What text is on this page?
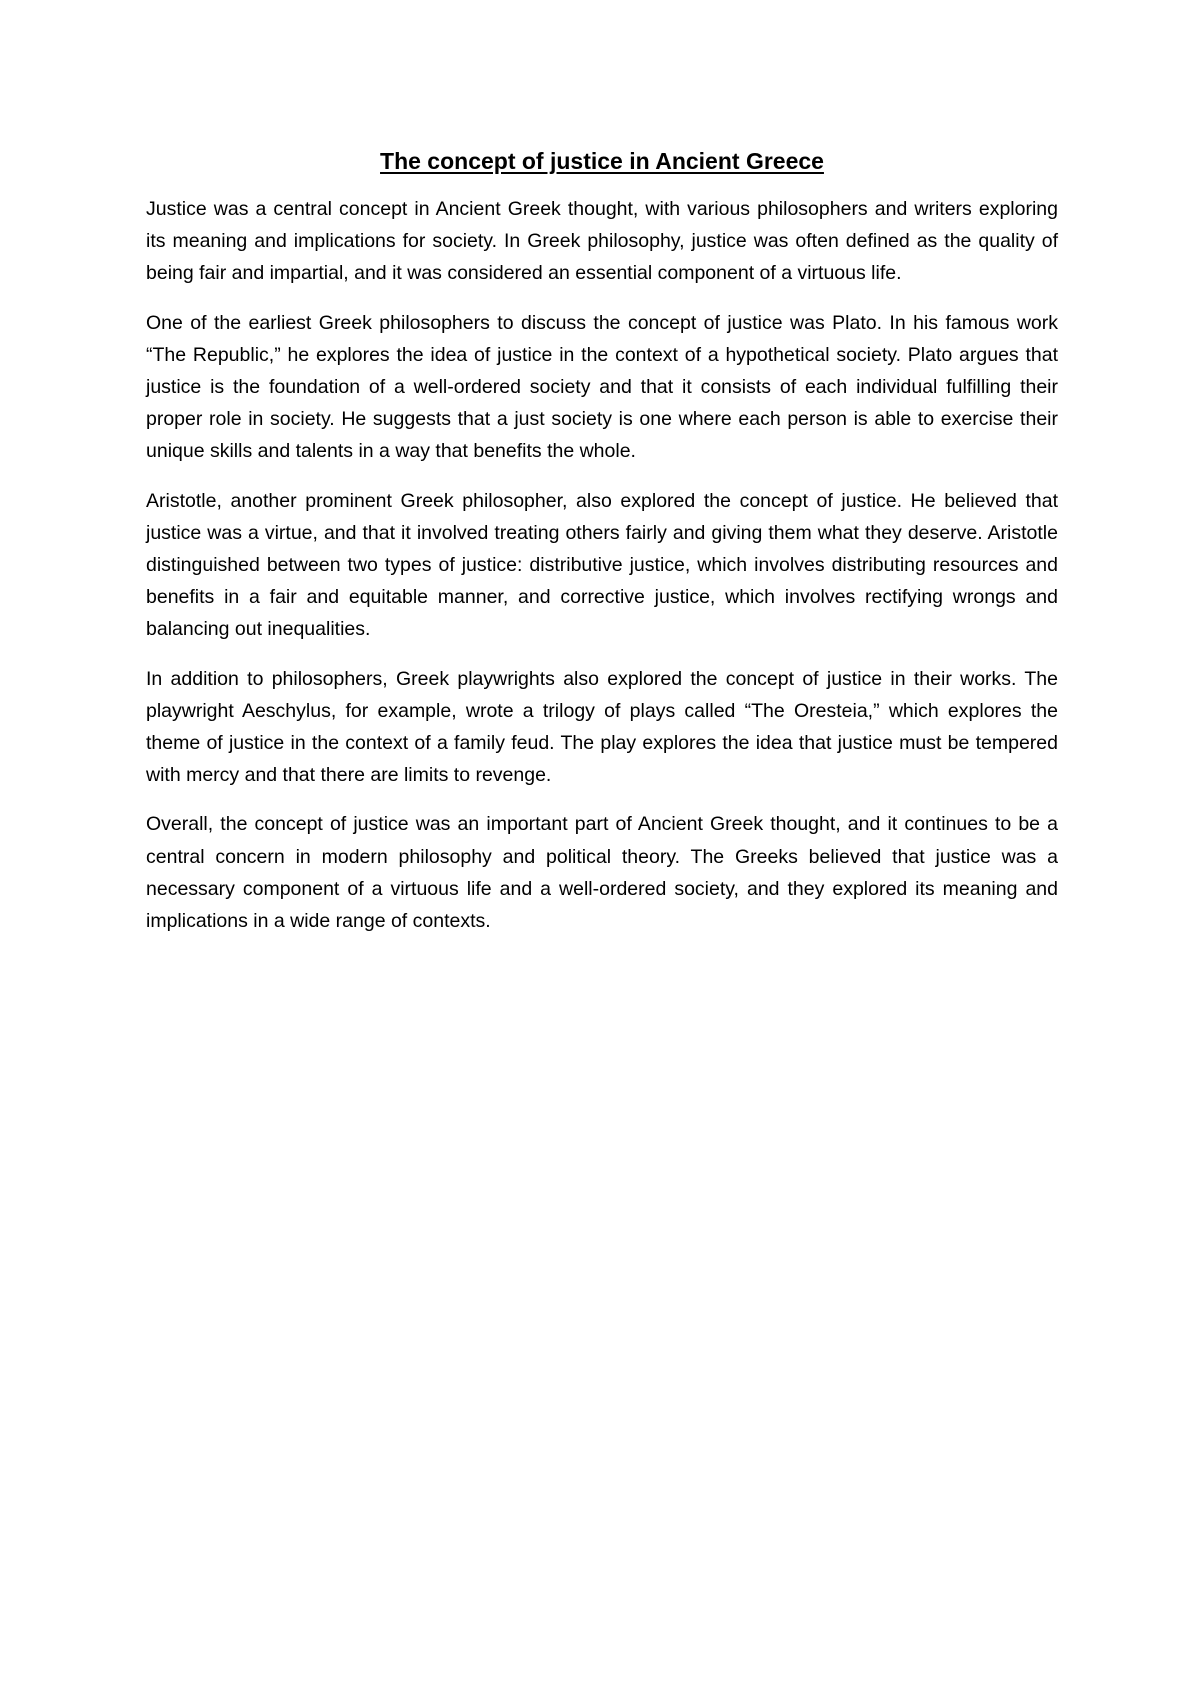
The concept of justice in Ancient Greece

Justice was a central concept in Ancient Greek thought, with various philosophers and writers exploring its meaning and implications for society. In Greek philosophy, justice was often defined as the quality of being fair and impartial, and it was considered an essential component of a virtuous life.

One of the earliest Greek philosophers to discuss the concept of justice was Plato. In his famous work “The Republic,” he explores the idea of justice in the context of a hypothetical society. Plato argues that justice is the foundation of a well-ordered society and that it consists of each individual fulfilling their proper role in society. He suggests that a just society is one where each person is able to exercise their unique skills and talents in a way that benefits the whole.

Aristotle, another prominent Greek philosopher, also explored the concept of justice. He believed that justice was a virtue, and that it involved treating others fairly and giving them what they deserve. Aristotle distinguished between two types of justice: distributive justice, which involves distributing resources and benefits in a fair and equitable manner, and corrective justice, which involves rectifying wrongs and balancing out inequalities.

In addition to philosophers, Greek playwrights also explored the concept of justice in their works. The playwright Aeschylus, for example, wrote a trilogy of plays called “The Oresteia,” which explores the theme of justice in the context of a family feud. The play explores the idea that justice must be tempered with mercy and that there are limits to revenge.

Overall, the concept of justice was an important part of Ancient Greek thought, and it continues to be a central concern in modern philosophy and political theory. The Greeks believed that justice was a necessary component of a virtuous life and a well-ordered society, and they explored its meaning and implications in a wide range of contexts.
